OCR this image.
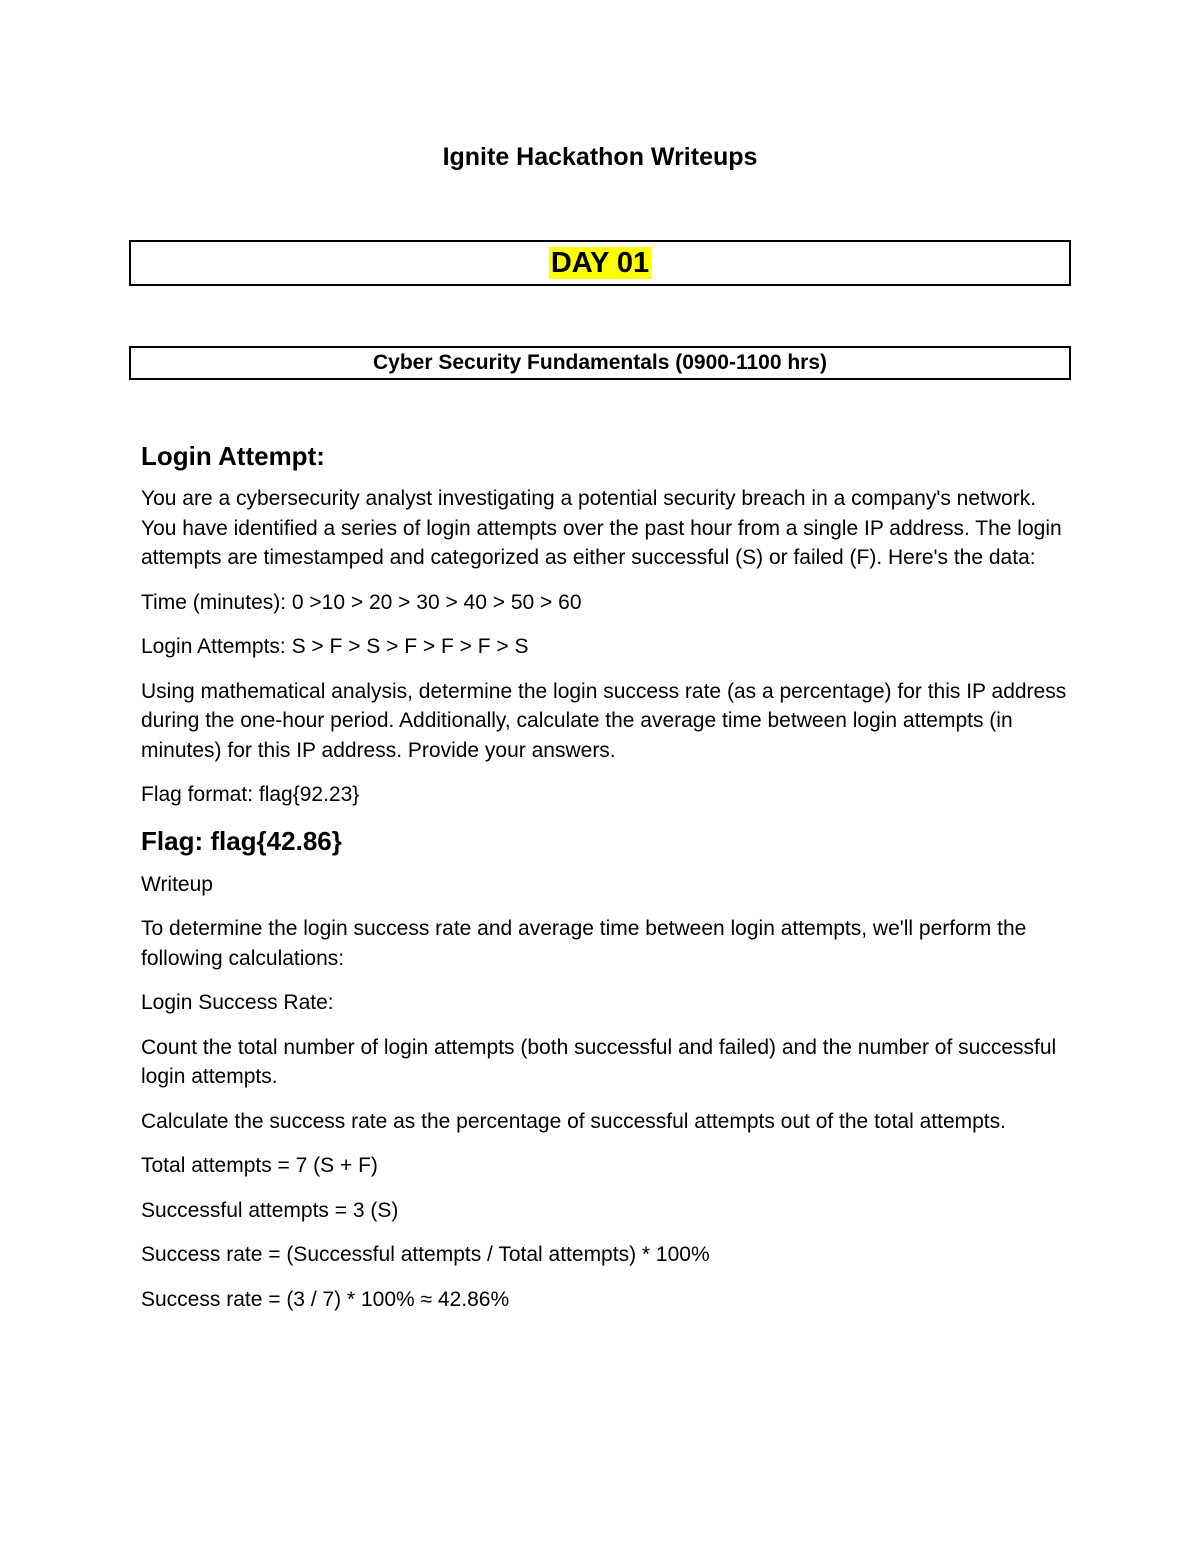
Ignite Hackathon Writeups
DAY 01
Cyber Security Fundamentals (0900-1100 hrs)
Login Attempt:

You are a cybersecurity analyst investigating a potential security breach in a company's network. You have identified a series of login attempts over the past hour from a single IP address. The login attempts are timestamped and categorized as either successful (S) or failed (F). Here's the data:

Time (minutes): 0 >10 > 20 > 30 > 40 > 50 > 60

Login Attempts: S > F > S > F > F > F > S

Using mathematical analysis, determine the login success rate (as a percentage) for this IP address during the one-hour period. Additionally, calculate the average time between login attempts (in minutes) for this IP address. Provide your answers.

Flag format: flag{92.23}

Flag: flag{42.86}

Writeup

To determine the login success rate and average time between login attempts, we'll perform the following calculations:

Login Success Rate:

Count the total number of login attempts (both successful and failed) and the number of successful login attempts.

Calculate the success rate as the percentage of successful attempts out of the total attempts.

Total attempts = 7 (S + F)

Successful attempts = 3 (S)

Success rate = (Successful attempts / Total attempts) * 100%

Success rate = (3 / 7) * 100% ≈ 42.86%
